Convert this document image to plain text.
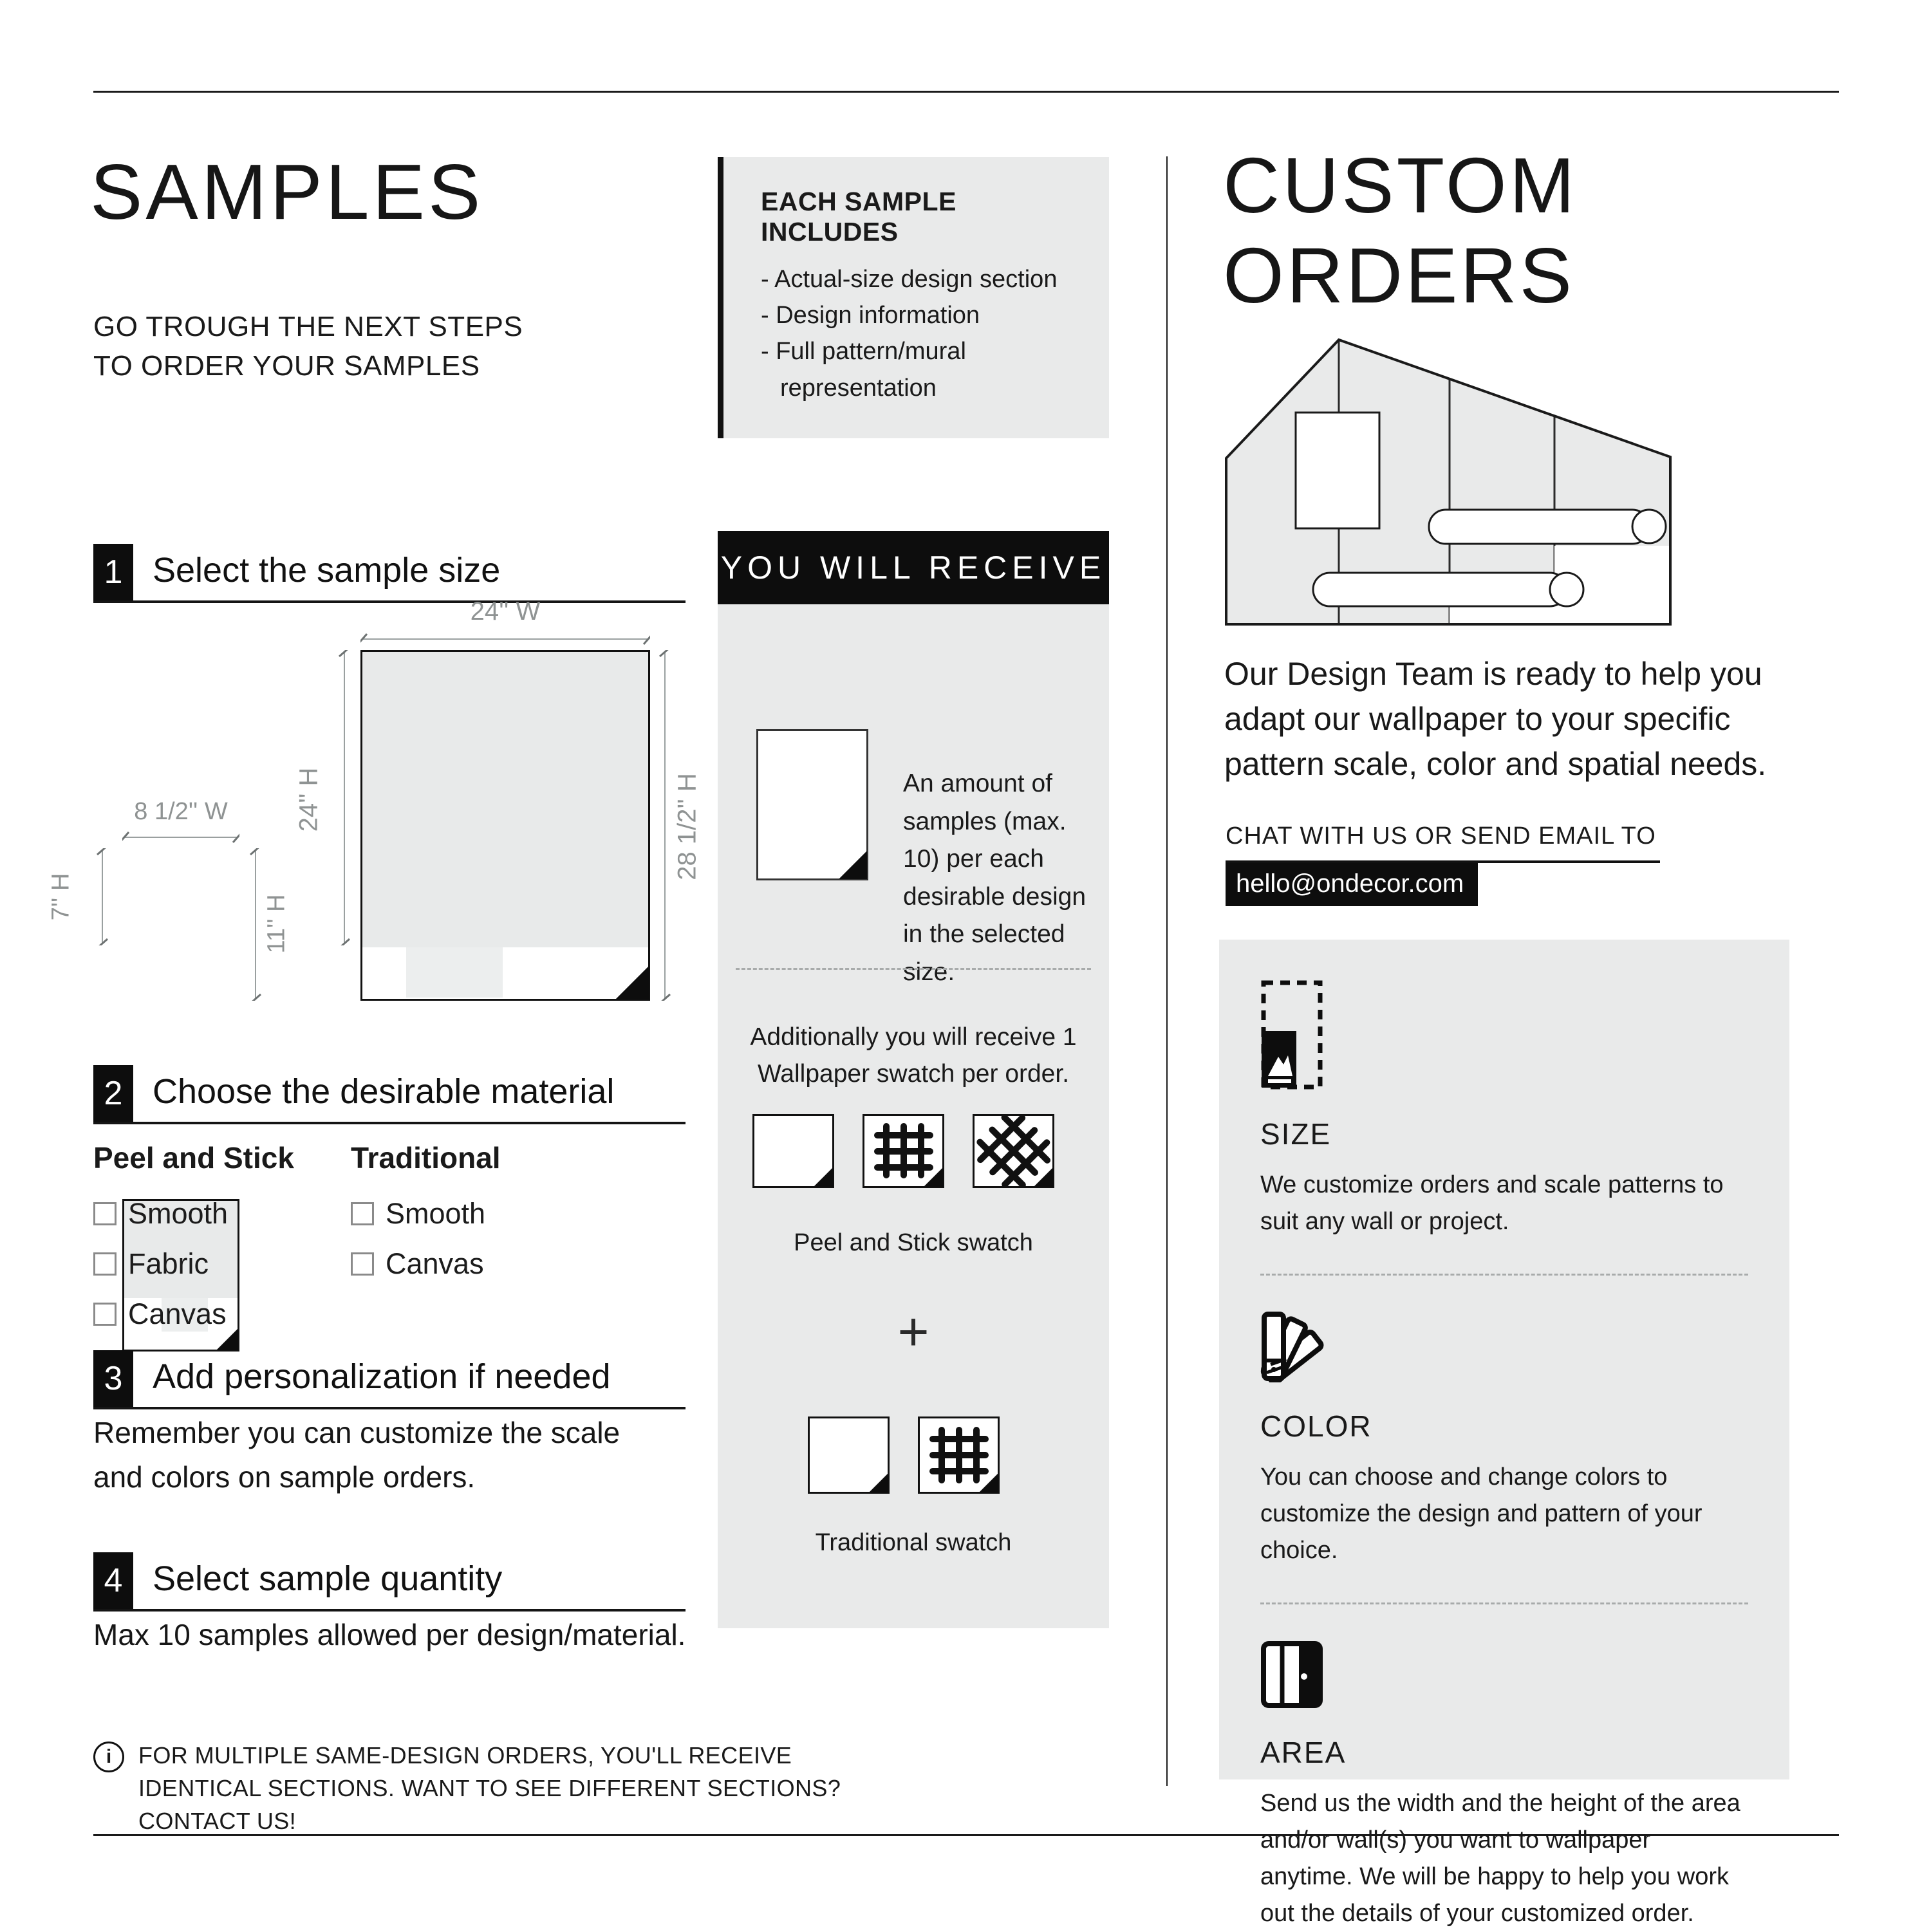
SAMPLES
GO TROUGH THE NEXT STEPS TO ORDER YOUR SAMPLES
EACH SAMPLE INCLUDES
- Actual-size design section
- Design information
- Full pattern/mural representation
1 Select the sample size
24'' W
24'' H	28 1/2'' H
8 1/2'' W
7'' H	11'' H
2 Choose the desirable material
Peel and Stick
Smooth
Fabric
Canvas
Traditional
Smooth
Canvas
3 Add personalization if needed
Remember you can customize the scale and colors on sample orders.
4 Select sample quantity
Max 10 samples allowed per design/material.
i	FOR MULTIPLE SAME-DESIGN ORDERS, YOU'LL RECEIVE IDENTICAL SECTIONS. WANT TO SEE DIFFERENT SECTIONS? CONTACT US!
YOU WILL RECEIVE
An amount of samples (max. 10) per each desirable design in the selected size.
Additionally you will receive 1 Wallpaper swatch per order.
Peel and Stick swatch
+
Traditional swatch
CUSTOM ORDERS
Our Design Team is ready to help you adapt our wallpaper to your specific pattern scale, color and spatial needs.
CHAT WITH US OR SEND EMAIL TO
hello@ondecor.com
SIZE
We customize orders and scale patterns to suit any wall or project.
COLOR
You can choose and change colors to customize the design and pattern of your choice.
AREA
Send us the width and the height of the area and/or wall(s) you want to wallpaper anytime. We will be happy to help you work out the details of your customized order.
